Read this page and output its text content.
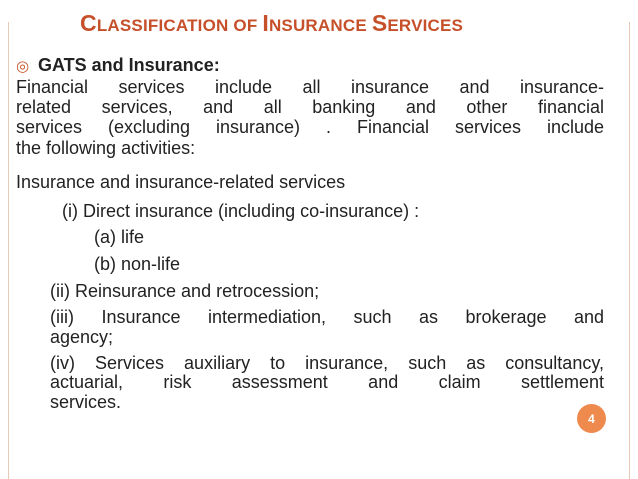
CLASSIFICATION OF INSURANCE SERVICES
◎ GATS and Insurance:
Financial services include all insurance and insurance-
related services, and all banking and other financial
services (excluding insurance) . Financial services include
the following activities:
Insurance and insurance-related services
(i) Direct insurance (including co-insurance) :
(a) life
(b) non-life
(ii) Reinsurance and retrocession;
(iii) Insurance intermediation, such as brokerage and
agency;
(iv) Services auxiliary to insurance, such as consultancy,
actuarial, risk assessment and claim settlement
services.
4
